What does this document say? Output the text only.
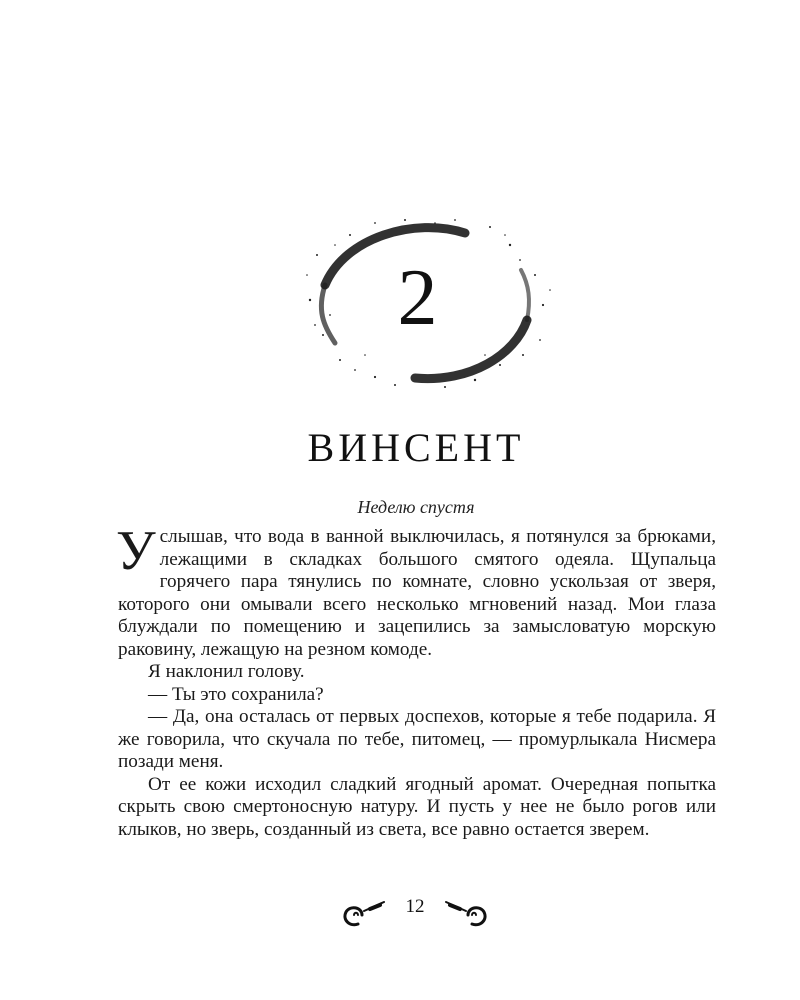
2
ВИНСЕНТ
Неделю спустя

Услышав, что вода в ванной выключилась, я потянулся за брюками, лежащими в складках большого смятого одеяла. Щупальца горячего пара тянулись по комнате, словно ускользая от зверя, которого они омывали всего несколько мгновений назад. Мои глаза блуждали по помещению и зацепились за замысловатую морскую раковину, лежащую на резном комоде.

Я наклонил голову.

— Ты это сохранила?

— Да, она осталась от первых доспехов, которые я тебе подарила. Я же говорила, что скучала по тебе, питомец, — промурлыкала Нисмера позади меня.

От ее кожи исходил сладкий ягодный аромат. Очередная попытка скрыть свою смертоносную натуру. И пусть у нее не было рогов или клыков, но зверь, созданный из света, все равно остается зверем.

12
